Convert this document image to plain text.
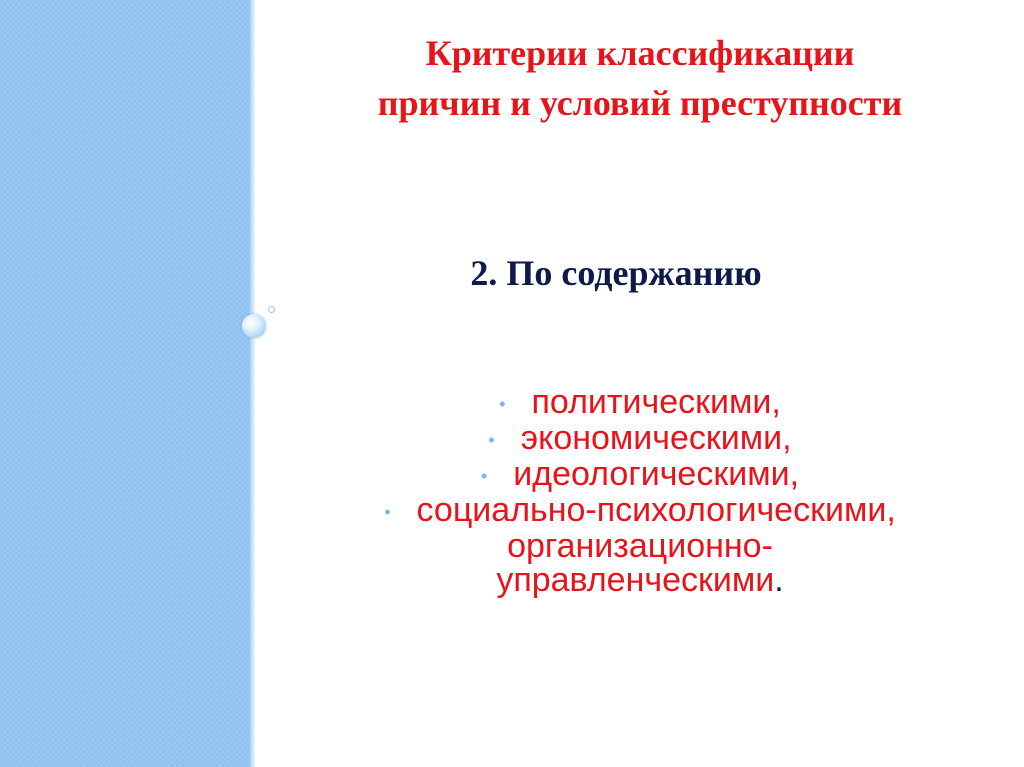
Критерии классификации
причин и условий преступности
2. По содержанию
• политическими,
• экономическими,
• идеологическими,
• социально-психологическими,
организационно-
управленческими.
